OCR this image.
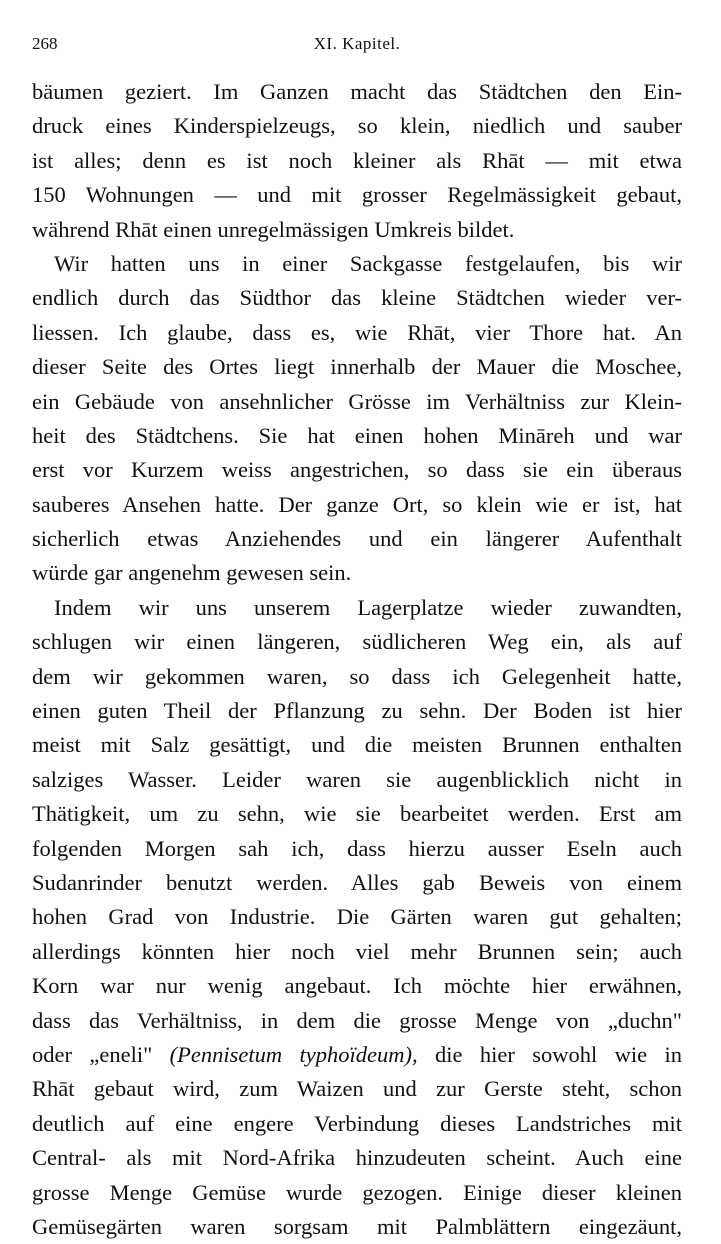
268	XI. Kapitel.
bäumen geziert. Im Ganzen macht das Städtchen den Ein-
druck eines Kinderspielzeugs, so klein, niedlich und sauber
ist alles; denn es ist noch kleiner als Rhāt — mit etwa
150 Wohnungen — und mit grosser Regelmässigkeit gebaut,
während Rhāt einen unregelmässigen Umkreis bildet.
Wir hatten uns in einer Sackgasse festgelaufen, bis wir
endlich durch das Südthor das kleine Städtchen wieder ver-
liessen. Ich glaube, dass es, wie Rhāt, vier Thore hat. An
dieser Seite des Ortes liegt innerhalb der Mauer die Moschee,
ein Gebäude von ansehnlicher Grösse im Verhältniss zur Klein-
heit des Städtchens. Sie hat einen hohen Mināreh und war
erst vor Kurzem weiss angestrichen, so dass sie ein überaus
sauberes Ansehen hatte. Der ganze Ort, so klein wie er ist, hat
sicherlich etwas Anziehendes und ein längerer Aufenthalt
würde gar angenehm gewesen sein.
Indem wir uns unserem Lagerplatze wieder zuwandten,
schlugen wir einen längeren, südlicheren Weg ein, als auf
dem wir gekommen waren, so dass ich Gelegenheit hatte,
einen guten Theil der Pflanzung zu sehn. Der Boden ist hier
meist mit Salz gesättigt, und die meisten Brunnen enthalten
salziges Wasser. Leider waren sie augenblicklich nicht in
Thätigkeit, um zu sehn, wie sie bearbeitet werden. Erst am
folgenden Morgen sah ich, dass hierzu ausser Eseln auch
Sudanrinder benutzt werden. Alles gab Beweis von einem
hohen Grad von Industrie. Die Gärten waren gut gehalten;
allerdings könnten hier noch viel mehr Brunnen sein; auch
Korn war nur wenig angebaut. Ich möchte hier erwähnen,
dass das Verhältniss, in dem die grosse Menge von „duchn"
oder „eneli" (Pennisetum typhoïdeum), die hier sowohl wie in
Rhāt gebaut wird, zum Waizen und zur Gerste steht, schon
deutlich auf eine engere Verbindung dieses Landstriches mit
Central- als mit Nord-Afrika hinzudeuten scheint. Auch eine
grosse Menge Gemüse wurde gezogen. Einige dieser kleinen
Gemüsegärten waren sorgsam mit Palmblättern eingezäunt,
